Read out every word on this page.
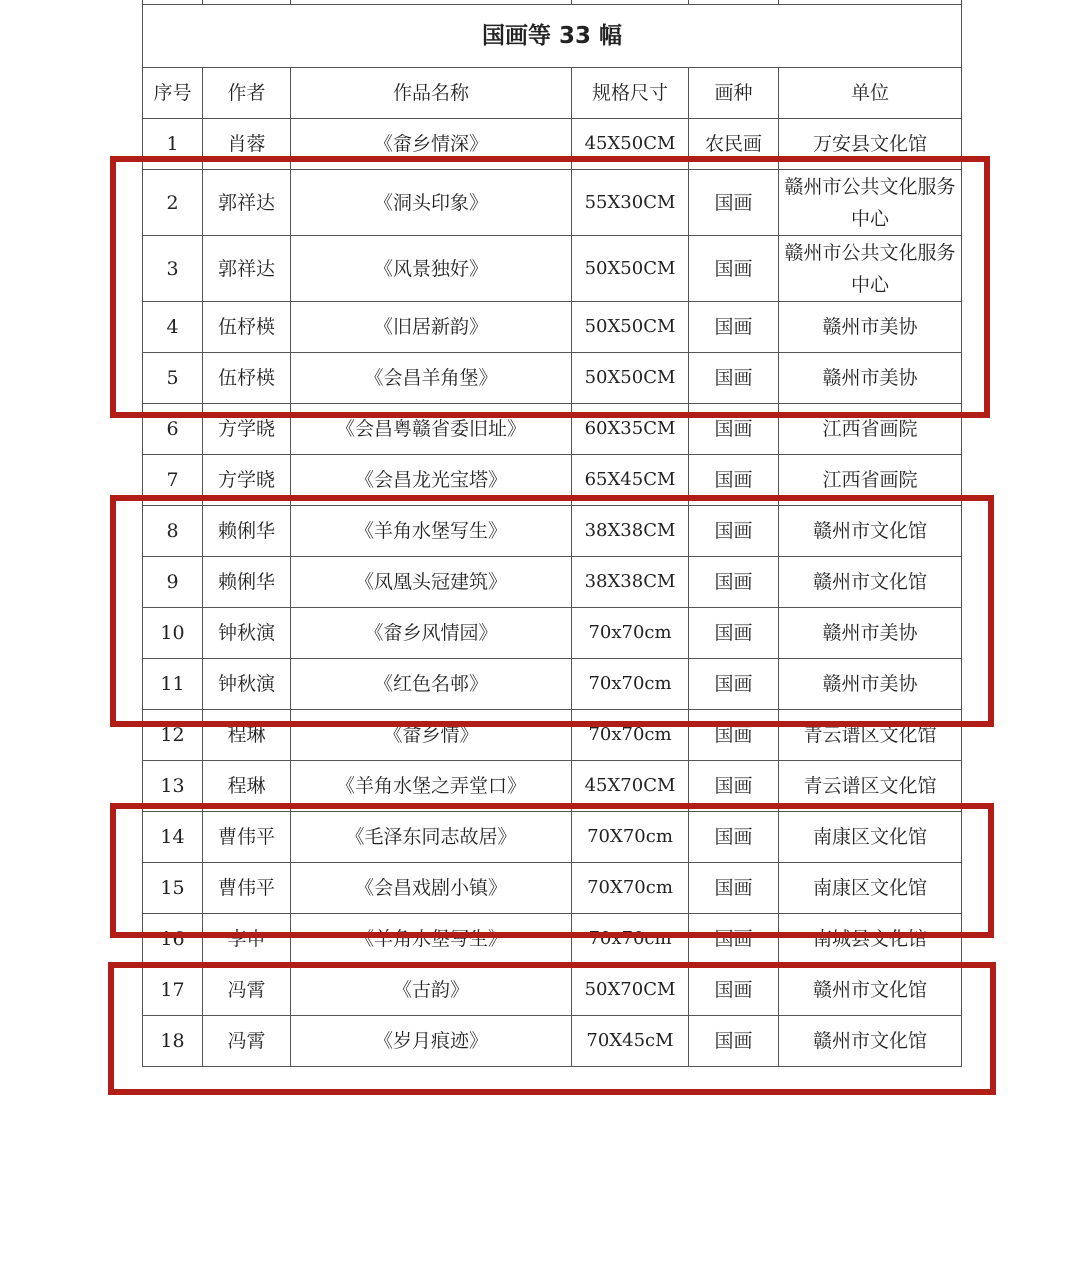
国画等 33 幅					
序号	作者	作品名称	规格尺寸	画种	单位
1	肖蓉	《畲乡情深》	45X50CM	农民画	万安县文化馆
2	郭祥达	《洞头印象》	55X30CM	国画	赣州市公共文化服务中心
3	郭祥达	《风景独好》	50X50CM	国画	赣州市公共文化服务中心
4	伍杼楧	《旧居新韵》	50X50CM	国画	赣州市美协
5	伍杼楧	《会昌羊角堡》	50X50CM	国画	赣州市美协
6	方学晓	《会昌粤赣省委旧址》	60X35CM	国画	江西省画院
7	方学晓	《会昌龙光宝塔》	65X45CM	国画	江西省画院
8	赖俐华	《羊角水堡写生》	38X38CM	国画	赣州市文化馆
9	赖俐华	《凤凰头冠建筑》	38X38CM	国画	赣州市文化馆
10	钟秋演	《畲乡风情园》	70x70cm	国画	赣州市美协
11	钟秋演	《红色名邨》	70x70cm	国画	赣州市美协
12	程琳	《畲乡情》	70x70cm	国画	青云谱区文化馆
13	程琳	《羊角水堡之弄堂口》	45X70CM	国画	青云谱区文化馆
14	曹伟平	《毛泽东同志故居》	70X70cm	国画	南康区文化馆
15	曹伟平	《会昌戏剧小镇》	70X70cm	国画	南康区文化馆
16	李申	《羊角水堡写生》	70x70cm	国画	南城县文化馆
17	冯霄	《古韵》	50X70CM	国画	赣州市文化馆
18	冯霄	《岁月痕迹》	70X45cM	国画	赣州市文化馆
